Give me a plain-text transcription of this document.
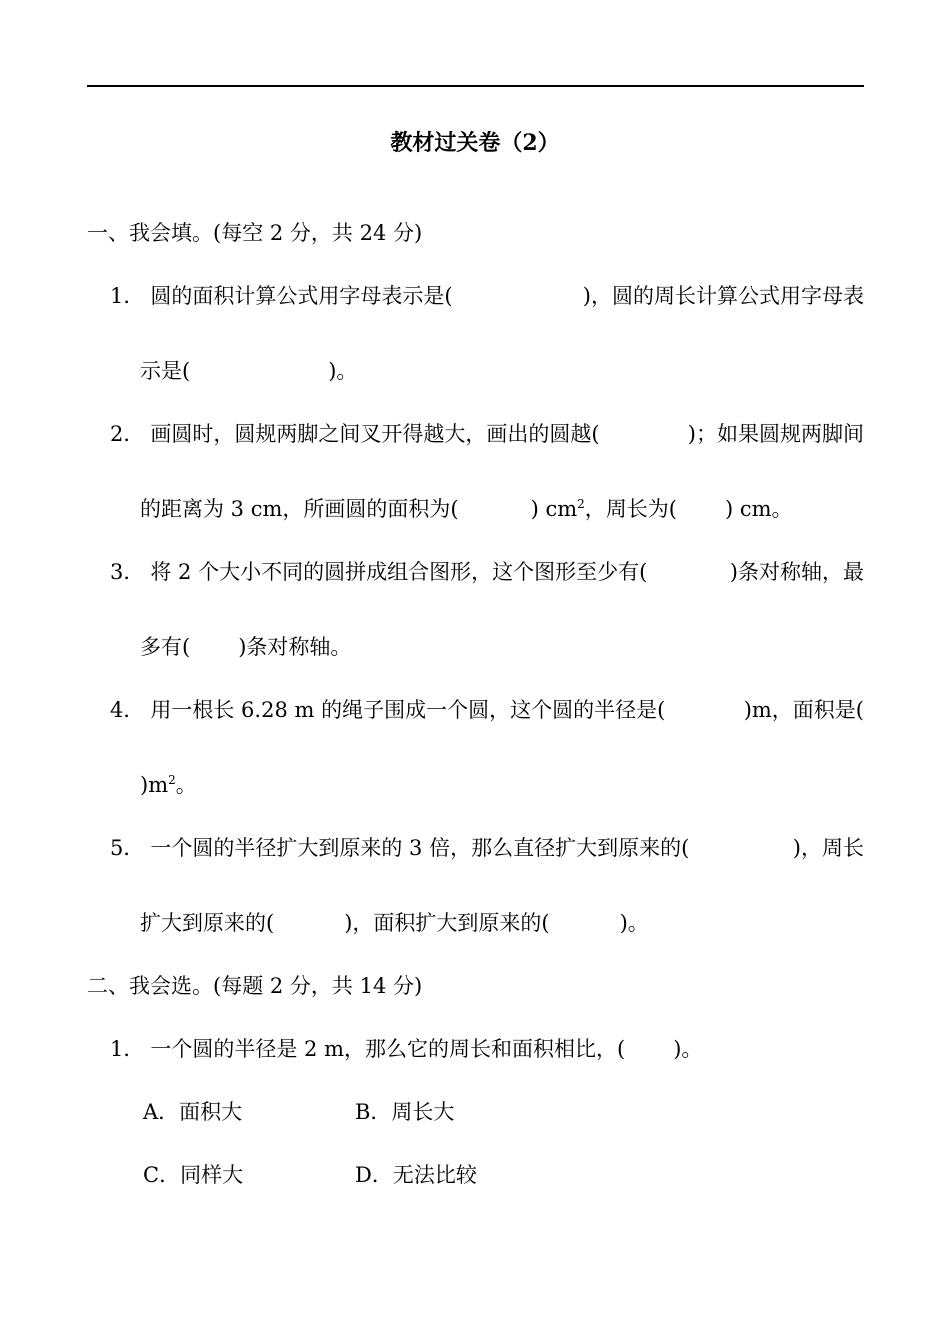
教材过关卷（2）
一、我会填。(每空 2 分，共 24 分)
1． 圆的面积计算公式用字母表示是(	)，圆的周长计算公式用字母表
示是(	)。
2． 画圆时，圆规两脚之间叉开得越大，画出的圆越(	)；如果圆规两脚间
的距离为 3 cm，所画圆的面积为(	) $cm^2$，周长为( ) cm。
3． 将 2 个大小不同的圆拼成组合图形，这个图形至少有(	)条对称轴，最
多有( )条对称轴。
4． 用一根长 6.28 m 的绳子围成一个圆，这个圆的半径是(	)m，面积是(
)$m^2$。
5． 一个圆的半径扩大到原来的 3 倍，那么直径扩大到原来的(	)，周长
扩大到原来的(	)，面积扩大到原来的(	)。
二、我会选。(每题 2 分，共 14 分)
1． 一个圆的半径是 2 m，那么它的周长和面积相比，( )。
A．面积大	B．周长大
C．同样大	D．无法比较
